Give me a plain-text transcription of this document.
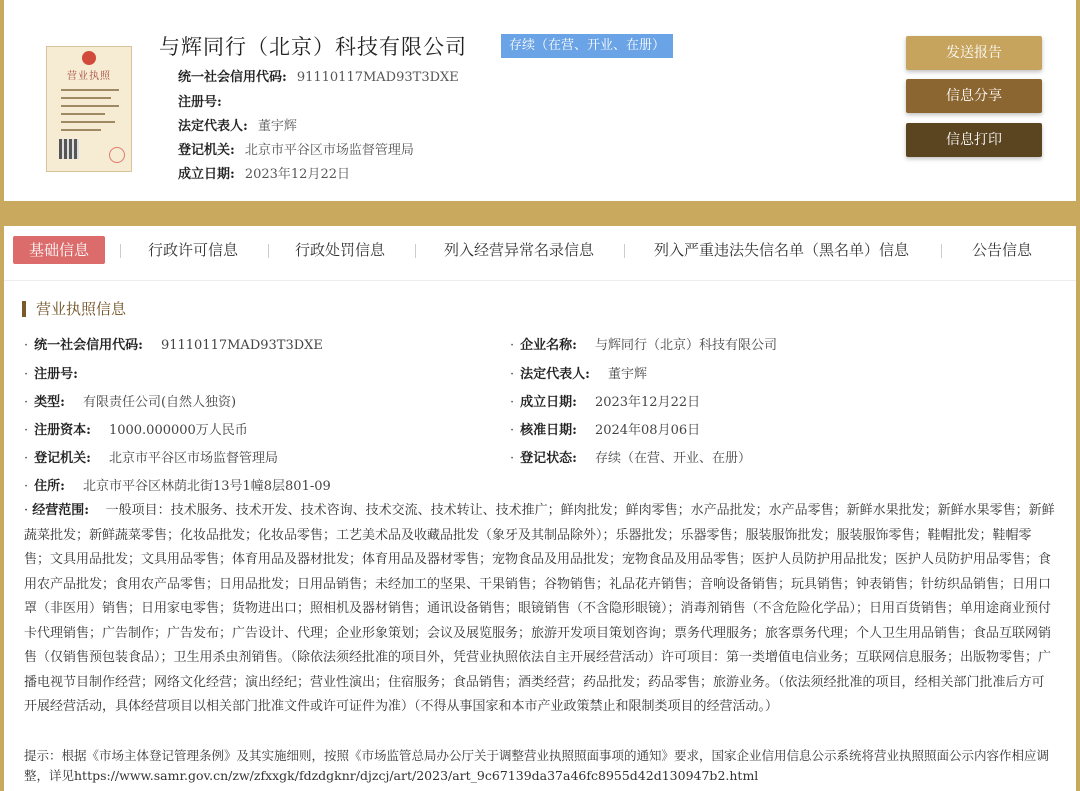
营业执照
与辉同行（北京）科技有限公司	存续（在营、开业、在册）
统一社会信用代码: 91110117MAD93T3DXE
注册号:
法定代表人: 董宇辉
登记机关: 北京市平谷区市场监督管理局
成立日期: 2023年12月22日
发送报告
信息分享
信息打印
基础信息	行政许可信息	行政处罚信息	列入经营异常名录信息	列入严重违法失信名单（黑名单）信息	公告信息
营业执照信息
· 统一社会信用代码: 91110117MAD93T3DXE
· 注册号:
· 类型: 有限责任公司(自然人独资)
· 注册资本: 1000.000000万人民币
· 登记机关: 北京市平谷区市场监督管理局
· 住所: 北京市平谷区林荫北街13号1幢8层801-09
· 企业名称: 与辉同行（北京）科技有限公司
· 法定代表人: 董宇辉
· 成立日期: 2023年12月22日
· 核准日期: 2024年08月06日
· 登记状态: 存续（在营、开业、在册）
· 经营范围: 一般项目：技术服务、技术开发、技术咨询、技术交流、技术转让、技术推广；鲜肉批发；鲜肉零售；水产品批发；水产品零售；新鲜水果批发；新鲜水果零售；新鲜蔬菜批发；新鲜蔬菜零售；化妆品批发；化妆品零售；工艺美术品及收藏品批发（象牙及其制品除外）；乐器批发；乐器零售；服装服饰批发；服装服饰零售；鞋帽批发；鞋帽零售；文具用品批发；文具用品零售；体育用品及器材批发；体育用品及器材零售；宠物食品及用品批发；宠物食品及用品零售；医护人员防护用品批发；医护人员防护用品零售；食用农产品批发；食用农产品零售；日用品批发；日用品销售；未经加工的坚果、干果销售；谷物销售；礼品花卉销售；音响设备销售；玩具销售；钟表销售；针纺织品销售；日用口罩（非医用）销售；日用家电零售；货物进出口；照相机及器材销售；通讯设备销售；眼镜销售（不含隐形眼镜）；消毒剂销售（不含危险化学品）；日用百货销售；单用途商业预付卡代理销售；广告制作；广告发布；广告设计、代理；企业形象策划；会议及展览服务；旅游开发项目策划咨询；票务代理服务；旅客票务代理；个人卫生用品销售；食品互联网销售（仅销售预包装食品）；卫生用杀虫剂销售。（除依法须经批准的项目外，凭营业执照依法自主开展经营活动）许可项目：第一类增值电信业务；互联网信息服务；出版物零售；广播电视节目制作经营；网络文化经营；演出经纪；营业性演出；住宿服务；食品销售；酒类经营；药品批发；药品零售；旅游业务。（依法须经批准的项目，经相关部门批准后方可开展经营活动，具体经营项目以相关部门批准文件或许可证件为准）（不得从事国家和本市产业政策禁止和限制类项目的经营活动。）
提示：根据《市场主体登记管理条例》及其实施细则，按照《市场监管总局办公厅关于调整营业执照照面事项的通知》要求，国家企业信用信息公示系统将营业执照照面公示内容作相应调整，详见https://www.samr.gov.cn/zw/zfxxgk/fdzdgknr/djzcj/art/2023/art_9c67139da37a46fc8955d42d130947b2.html
